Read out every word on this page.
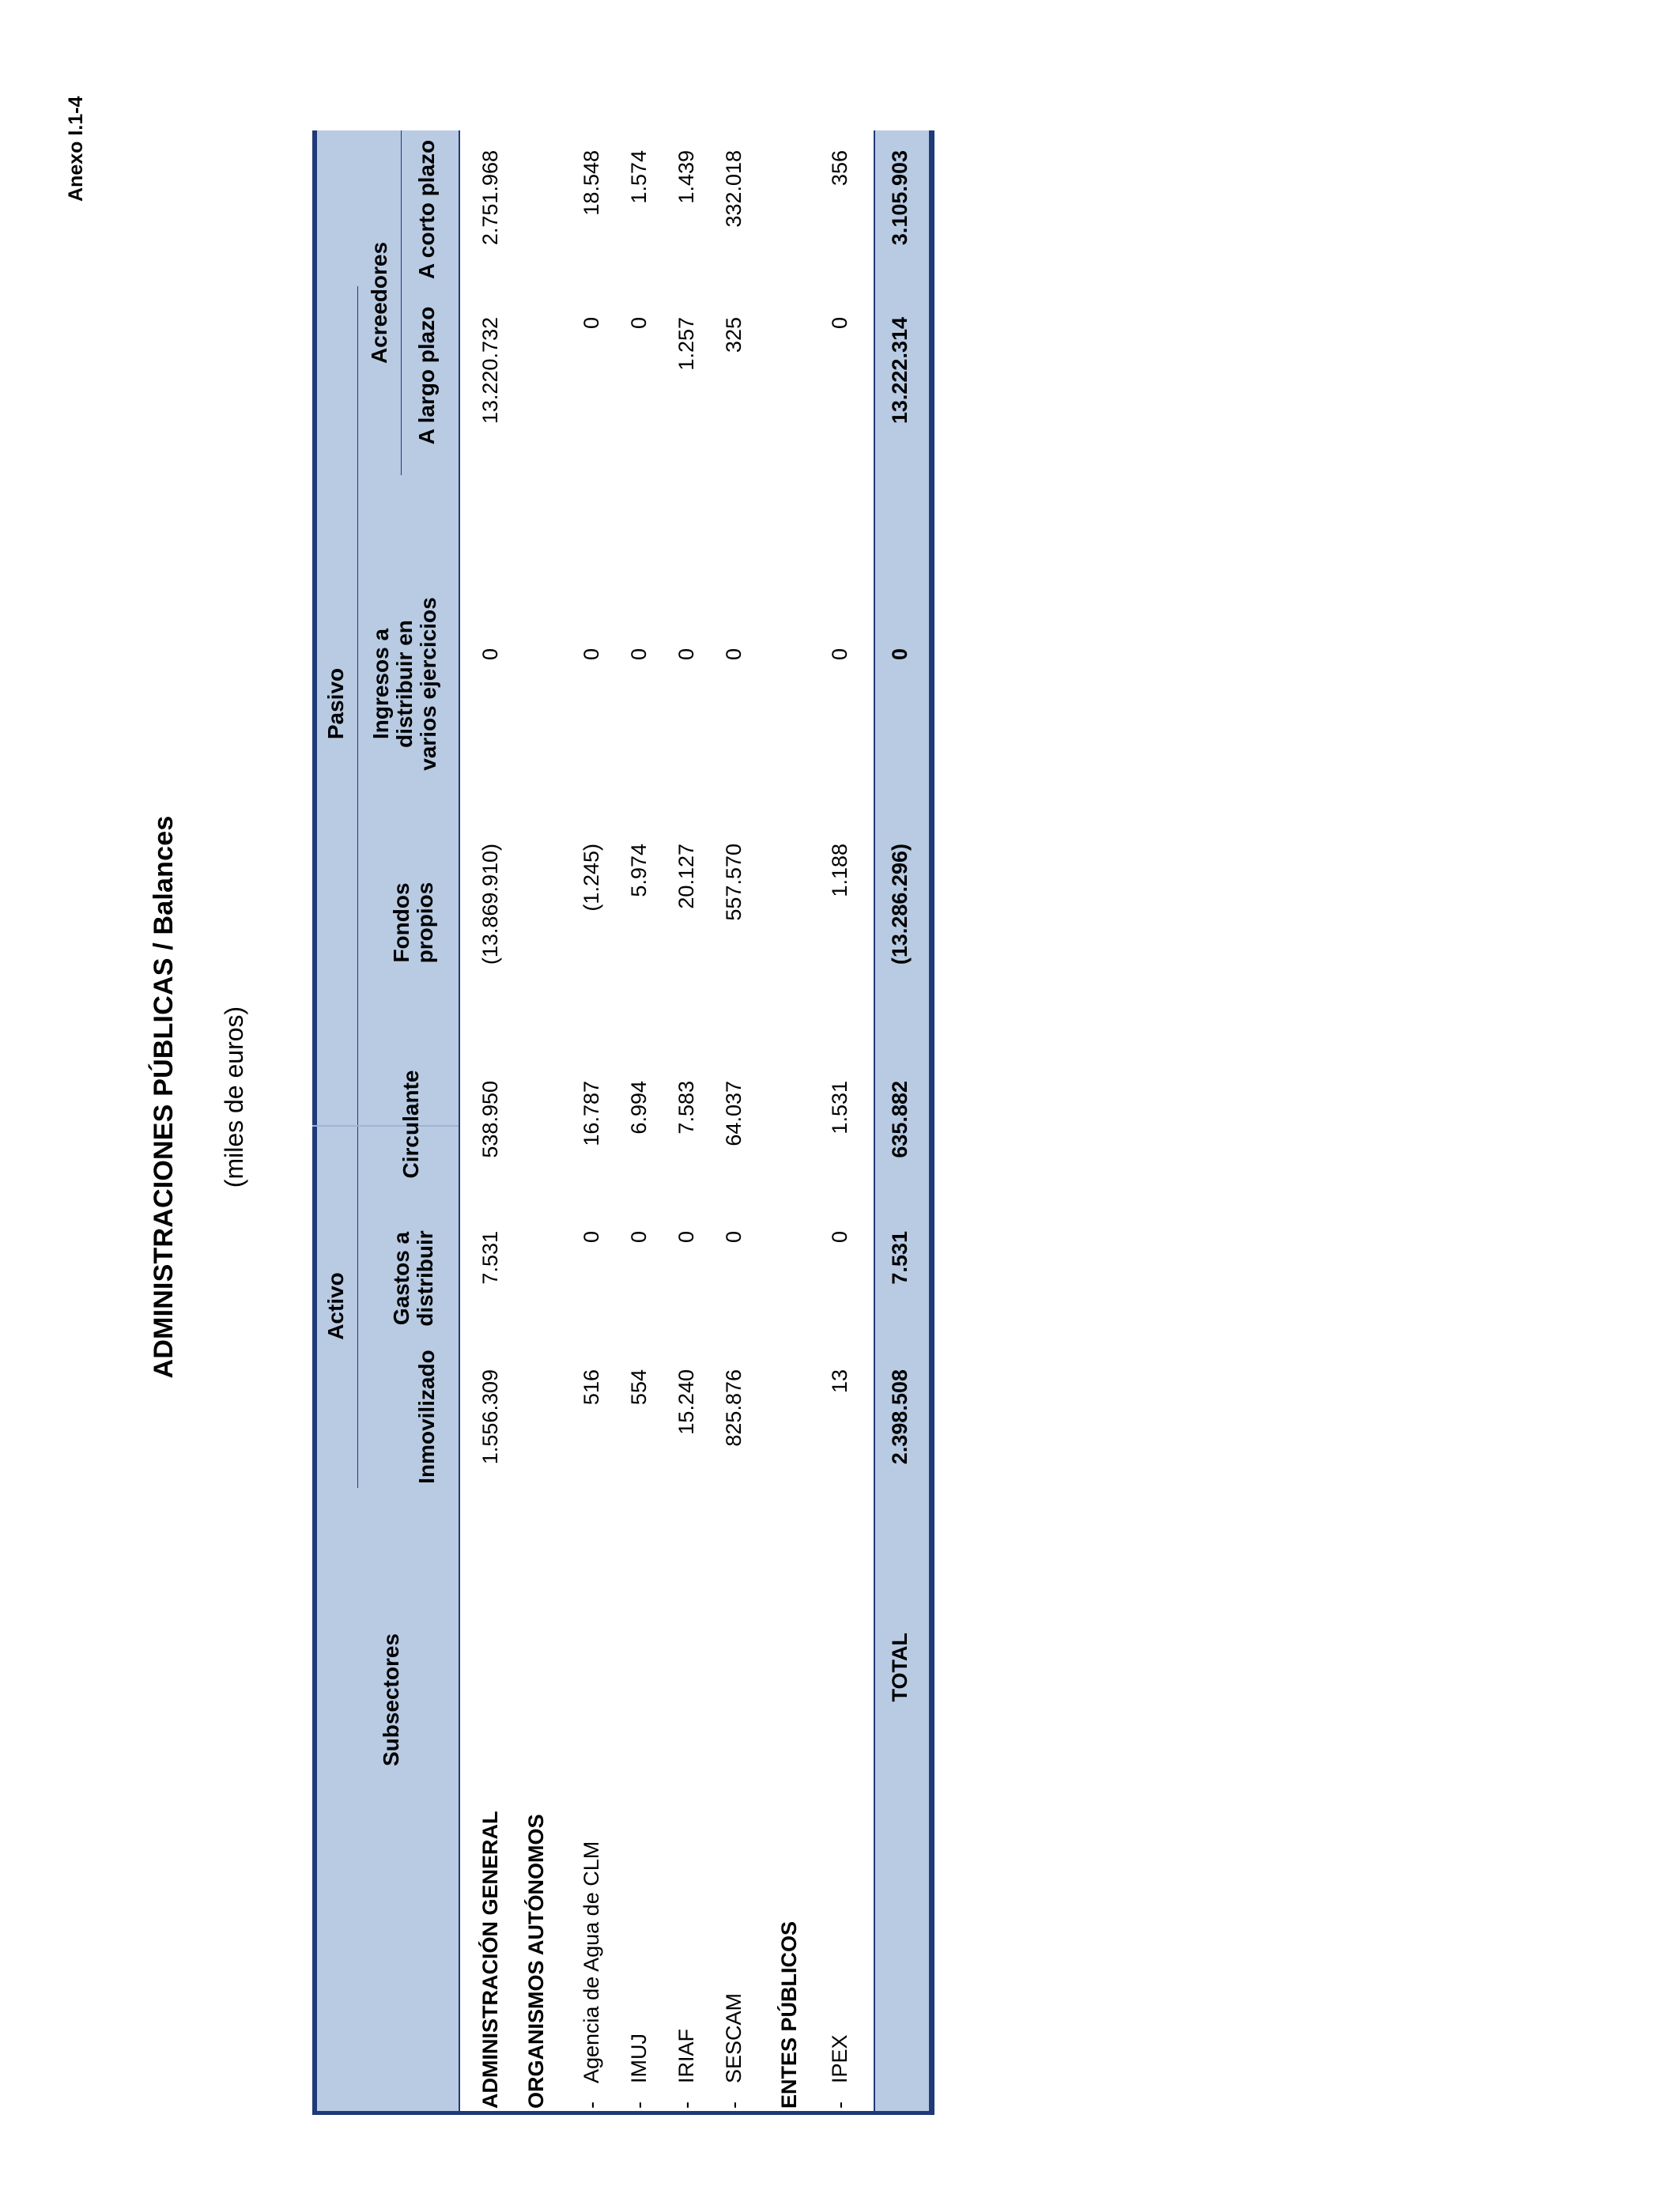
Anexo I.1-4
ADMINISTRACIONES PÚBLICAS / Balances (miles de euros)
Subsectores
Activo
Pasivo
Acreedores
Inmovilizado
Gastos a distribuir
Circulante
Fondos propios
Ingresos a distribuir en varios ejercicios
A largo plazo
A corto plazo
ADMINISTRACIÓN GENERAL
1.556.309
7.531
538.950
(13.869.910)
0
13.220.732
2.751.968
ORGANISMOS AUTÓNOMOS -
Agencia de Agua de CLM
516
0
16.787
(1.245)
0
0
18.548
-
IMUJ
554
0
6.994
5.974
0
0
1.574
-
IRIAF
15.240
0
7.583
20.127
0
1.257
1.439
-
SESCAM
825.876
0
64.037
557.570
0
325
332.018
ENTES PÚBLICOS -
IPEX
13
0
1.531
1.188
0
0
356
TOTAL
2.398.508
7.531
635.882
(13.286.296)
0
13.222.314
3.105.903
